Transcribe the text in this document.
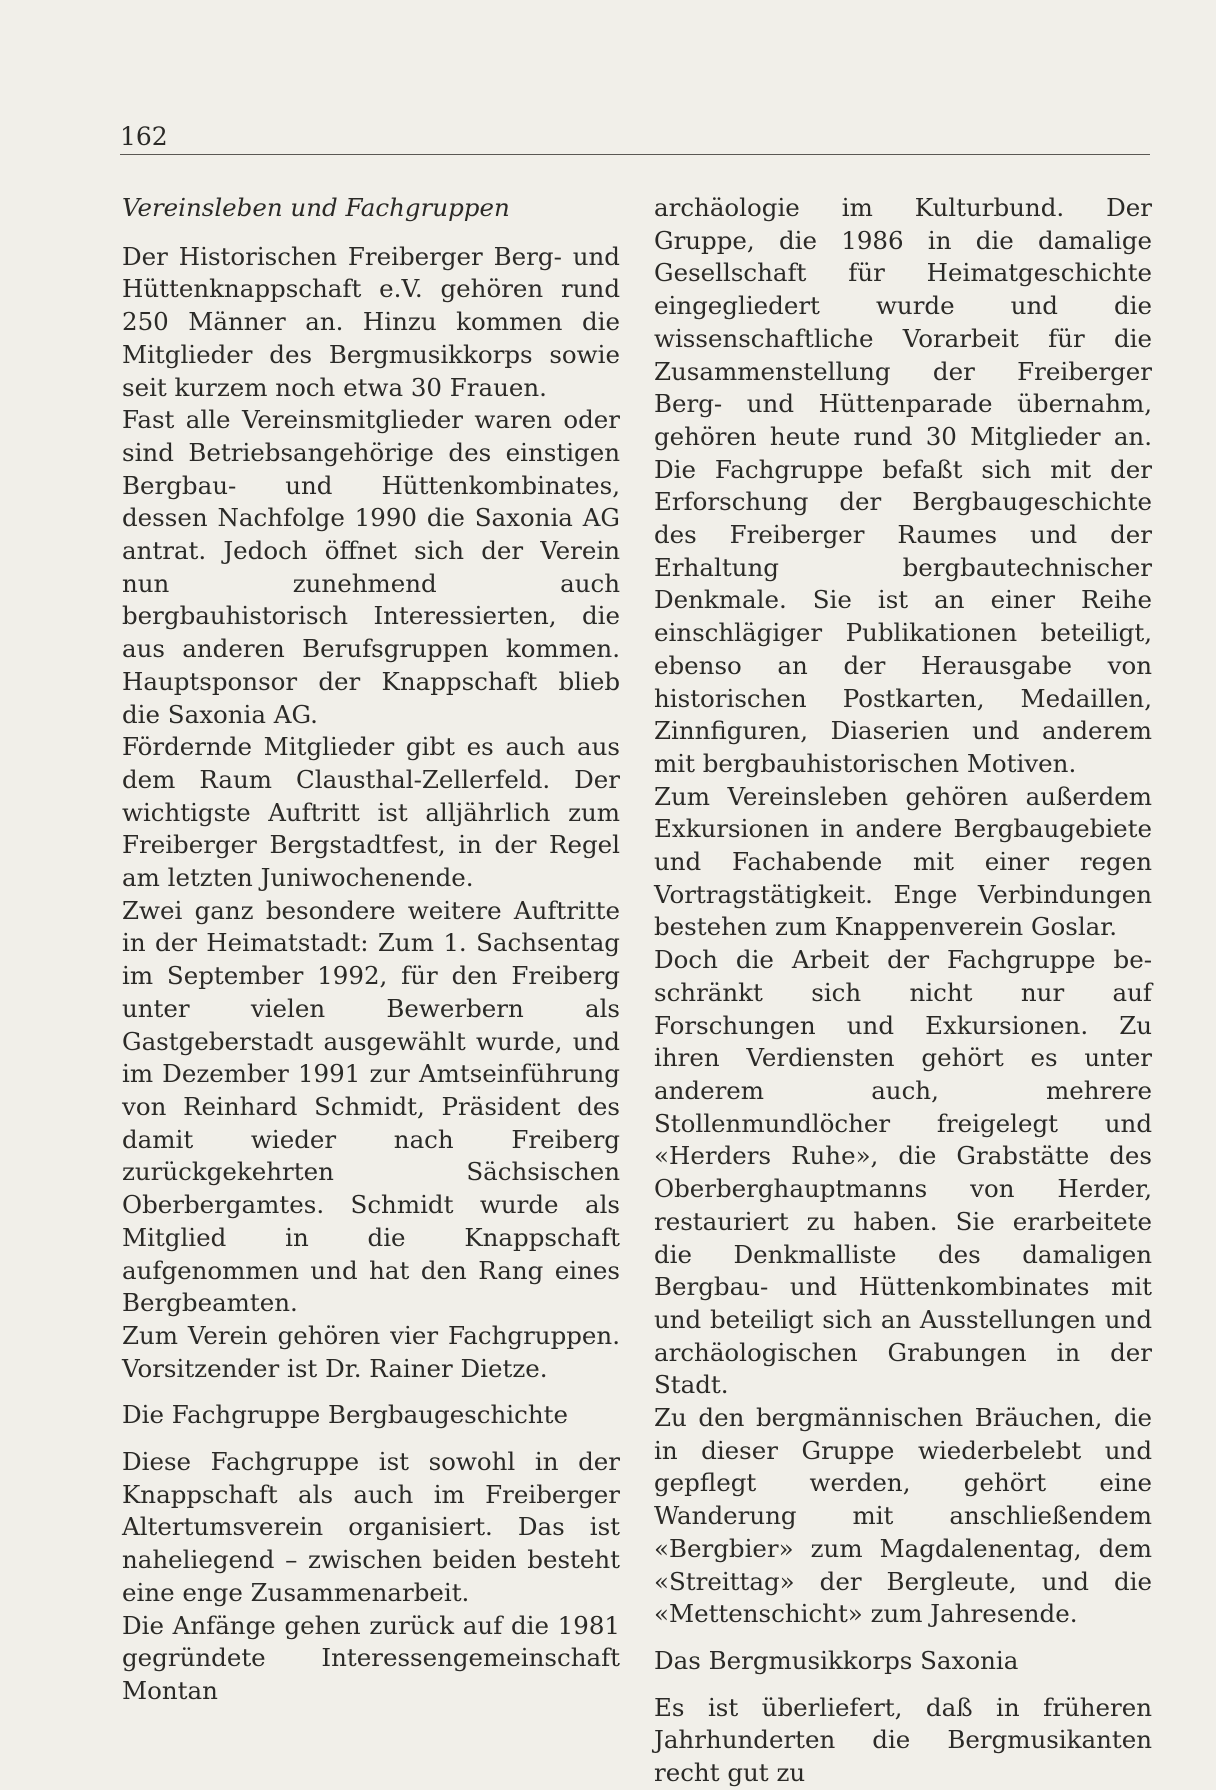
162

Vereinsleben und Fachgruppen

Der Historischen Freiberger Berg- und Hüttenknappschaft e.V. gehören rund 250 Männer an. Hinzu kommen die Mitglieder des Bergmusikkorps sowie seit kurzem noch etwa 30 Frauen.

Fast alle Vereinsmitglieder waren oder sind Betriebsangehörige des einstigen Bergbau- und Hüttenkombinates, dessen Nachfolge 1990 die Saxonia AG antrat. Jedoch öffnet sich der Verein nun zunehmend auch bergbauhistorisch Interessierten, die aus anderen Berufsgruppen kommen. Hauptsponsor der Knappschaft blieb die Saxonia AG.

Fördernde Mitglieder gibt es auch aus dem Raum Clausthal-Zellerfeld. Der wichtigste Auftritt ist alljährlich zum Freiberger Bergstadtfest, in der Regel am letzten Juniwochenende.

Zwei ganz besondere weitere Auftritte in der Heimatstadt: Zum 1. Sachsentag im September 1992, für den Freiberg unter vielen Bewerbern als Gastgeberstadt ausgewählt wurde, und im Dezember 1991 zur Amtseinführung von Reinhard Schmidt, Präsident des damit wieder nach Freiberg zurückgekehrten Sächsischen Oberbergamtes. Schmidt wurde als Mitglied in die Knappschaft aufgenommen und hat den Rang eines Bergbeamten.

Zum Verein gehören vier Fachgruppen. Vorsitzender ist Dr. Rainer Dietze.

Die Fachgruppe Bergbaugeschichte

Diese Fachgruppe ist sowohl in der Knappschaft als auch im Freiberger Altertumsverein organisiert. Das ist naheliegend – zwischen beiden besteht eine enge Zusammenarbeit.

Die Anfänge gehen zurück auf die 1981 gegründete Interessengemeinschaft Montan

archäologie im Kulturbund. Der Gruppe, die 1986 in die damalige Gesellschaft für Heimatgeschichte eingegliedert wurde und die wissenschaftliche Vorarbeit für die Zusammenstellung der Freiberger Berg- und Hüttenparade übernahm, gehören heute rund 30 Mitglieder an. Die Fachgruppe befaßt sich mit der Erforschung der Bergbaugeschichte des Freiberger Raumes und der Erhaltung bergbautechnischer Denkmale. Sie ist an einer Reihe einschlägiger Publikationen beteiligt, ebenso an der Herausgabe von historischen Postkarten, Medaillen, Zinnfiguren, Diaserien und anderem mit bergbauhistorischen Motiven.

Zum Vereinsleben gehören außerdem Exkursionen in andere Bergbaugebiete und Fachabende mit einer regen Vortragstätigkeit. Enge Verbindungen bestehen zum Knappenverein Goslar.

Doch die Arbeit der Fachgruppe beschränkt sich nicht nur auf Forschungen und Exkursionen. Zu ihren Verdiensten gehört es unter anderem auch, mehrere Stollenmundlöcher freigelegt und «Herders Ruhe», die Grabstätte des Oberberghauptmanns von Herder, restauriert zu haben. Sie erarbeitete die Denkmalliste des damaligen Bergbau- und Hüttenkombinates mit und beteiligt sich an Ausstellungen und archäologischen Grabungen in der Stadt.

Zu den bergmännischen Bräuchen, die in dieser Gruppe wiederbelebt und gepflegt werden, gehört eine Wanderung mit anschließendem «Bergbier» zum Magdalenentag, dem «Streittag» der Bergleute, und die «Mettenschicht» zum Jahresende.

Das Bergmusikkorps Saxonia

Es ist überliefert, daß in früheren Jahrhunderten die Bergmusikanten recht gut zu
